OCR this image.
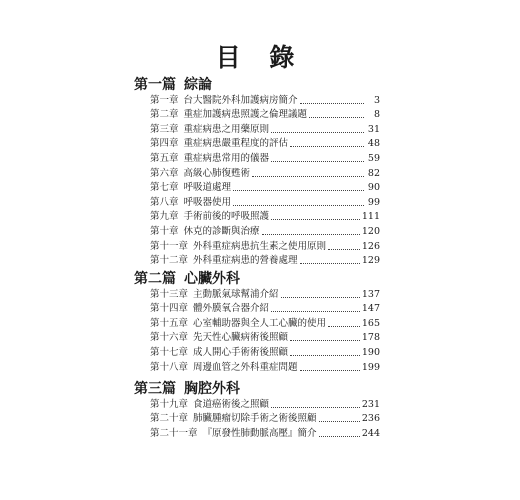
目 錄
第一篇 綜論
第一章 台大醫院外科加護病房簡介	3
第二章 重症加護病患照護之倫理議題	8
第三章 重症病患之用藥原則	31
第四章 重症病患嚴重程度的評估	48
第五章 重症病患常用的儀器	59
第六章 高級心肺復甦術	82
第七章 呼吸道處理	90
第八章 呼吸器使用	99
第九章 手術前後的呼吸照護	111
第十章 休克的診斷與治療	120
第十一章 外科重症病患抗生素之使用原則	126
第十二章 外科重症病患的營養處理	129
第二篇 心臟外科
第十三章 主動脈氣球幫浦介紹	137
第十四章 體外膜氧合器介紹	147
第十五章 心室輔助器與全人工心臟的使用	165
第十六章 先天性心臟病術後照顧	178
第十七章 成人開心手術術後照顧	190
第十八章 周邊血管之外科重症問題	199
第三篇 胸腔外科
第十九章 食道癌術後之照顧	231
第二十章 肺臟腫瘤切除手術之術後照顧	236
第二十一章 『原發性肺動脈高壓』簡介	244
